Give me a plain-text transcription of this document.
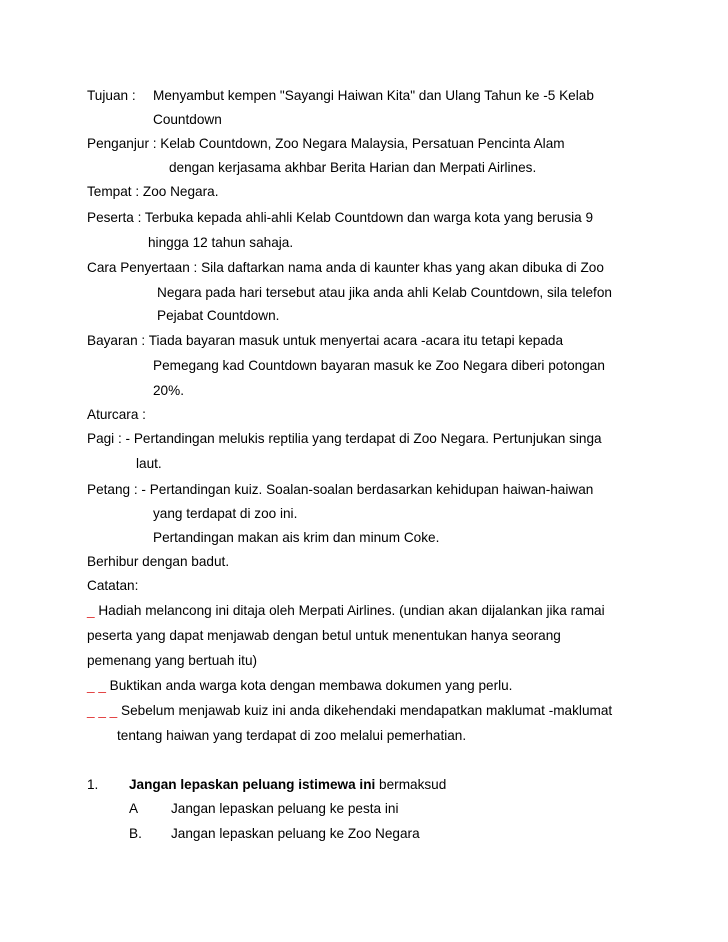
Tujuan : Menyambut kempen "Sayangi Haiwan Kita" dan Ulang Tahun ke -5 Kelab
Countdown
Penganjur : Kelab Countdown, Zoo Negara Malaysia, Persatuan Pencinta Alam
dengan kerjasama akhbar Berita Harian dan Merpati Airlines.
Tempat : Zoo Negara.
Peserta : Terbuka kepada ahli-ahli Kelab Countdown dan warga kota yang berusia 9
hingga 12 tahun sahaja.
Cara Penyertaan : Sila daftarkan nama anda di kaunter khas yang akan dibuka di Zoo
Negara pada hari tersebut atau jika anda ahli Kelab Countdown, sila telefon
Pejabat Countdown.
Bayaran : Tiada bayaran masuk untuk menyertai acara -acara itu tetapi kepada
Pemegang kad Countdown bayaran masuk ke Zoo Negara diberi potongan
20%.
Aturcara :
Pagi : - Pertandingan melukis reptilia yang terdapat di Zoo Negara. Pertunjukan singa
laut.
Petang : - Pertandingan kuiz. Soalan-soalan berdasarkan kehidupan haiwan-haiwan
yang terdapat di zoo ini.
Pertandingan makan ais krim dan minum Coke.
Berhibur dengan badut.
Catatan:
_ Hadiah melancong ini ditaja oleh Merpati Airlines. (undian akan dijalankan jika ramai
peserta yang dapat menjawab dengan betul untuk menentukan hanya seorang
pemenang yang bertuah itu)
_ _ Buktikan anda warga kota dengan membawa dokumen yang perlu.
_ _ _ Sebelum menjawab kuiz ini anda dikehendaki mendapatkan maklumat -maklumat
tentang haiwan yang terdapat di zoo melalui pemerhatian.
1. Jangan lepaskan peluang istimewa ini bermaksud
A Jangan lepaskan peluang ke pesta ini
B. Jangan lepaskan peluang ke Zoo Negara
